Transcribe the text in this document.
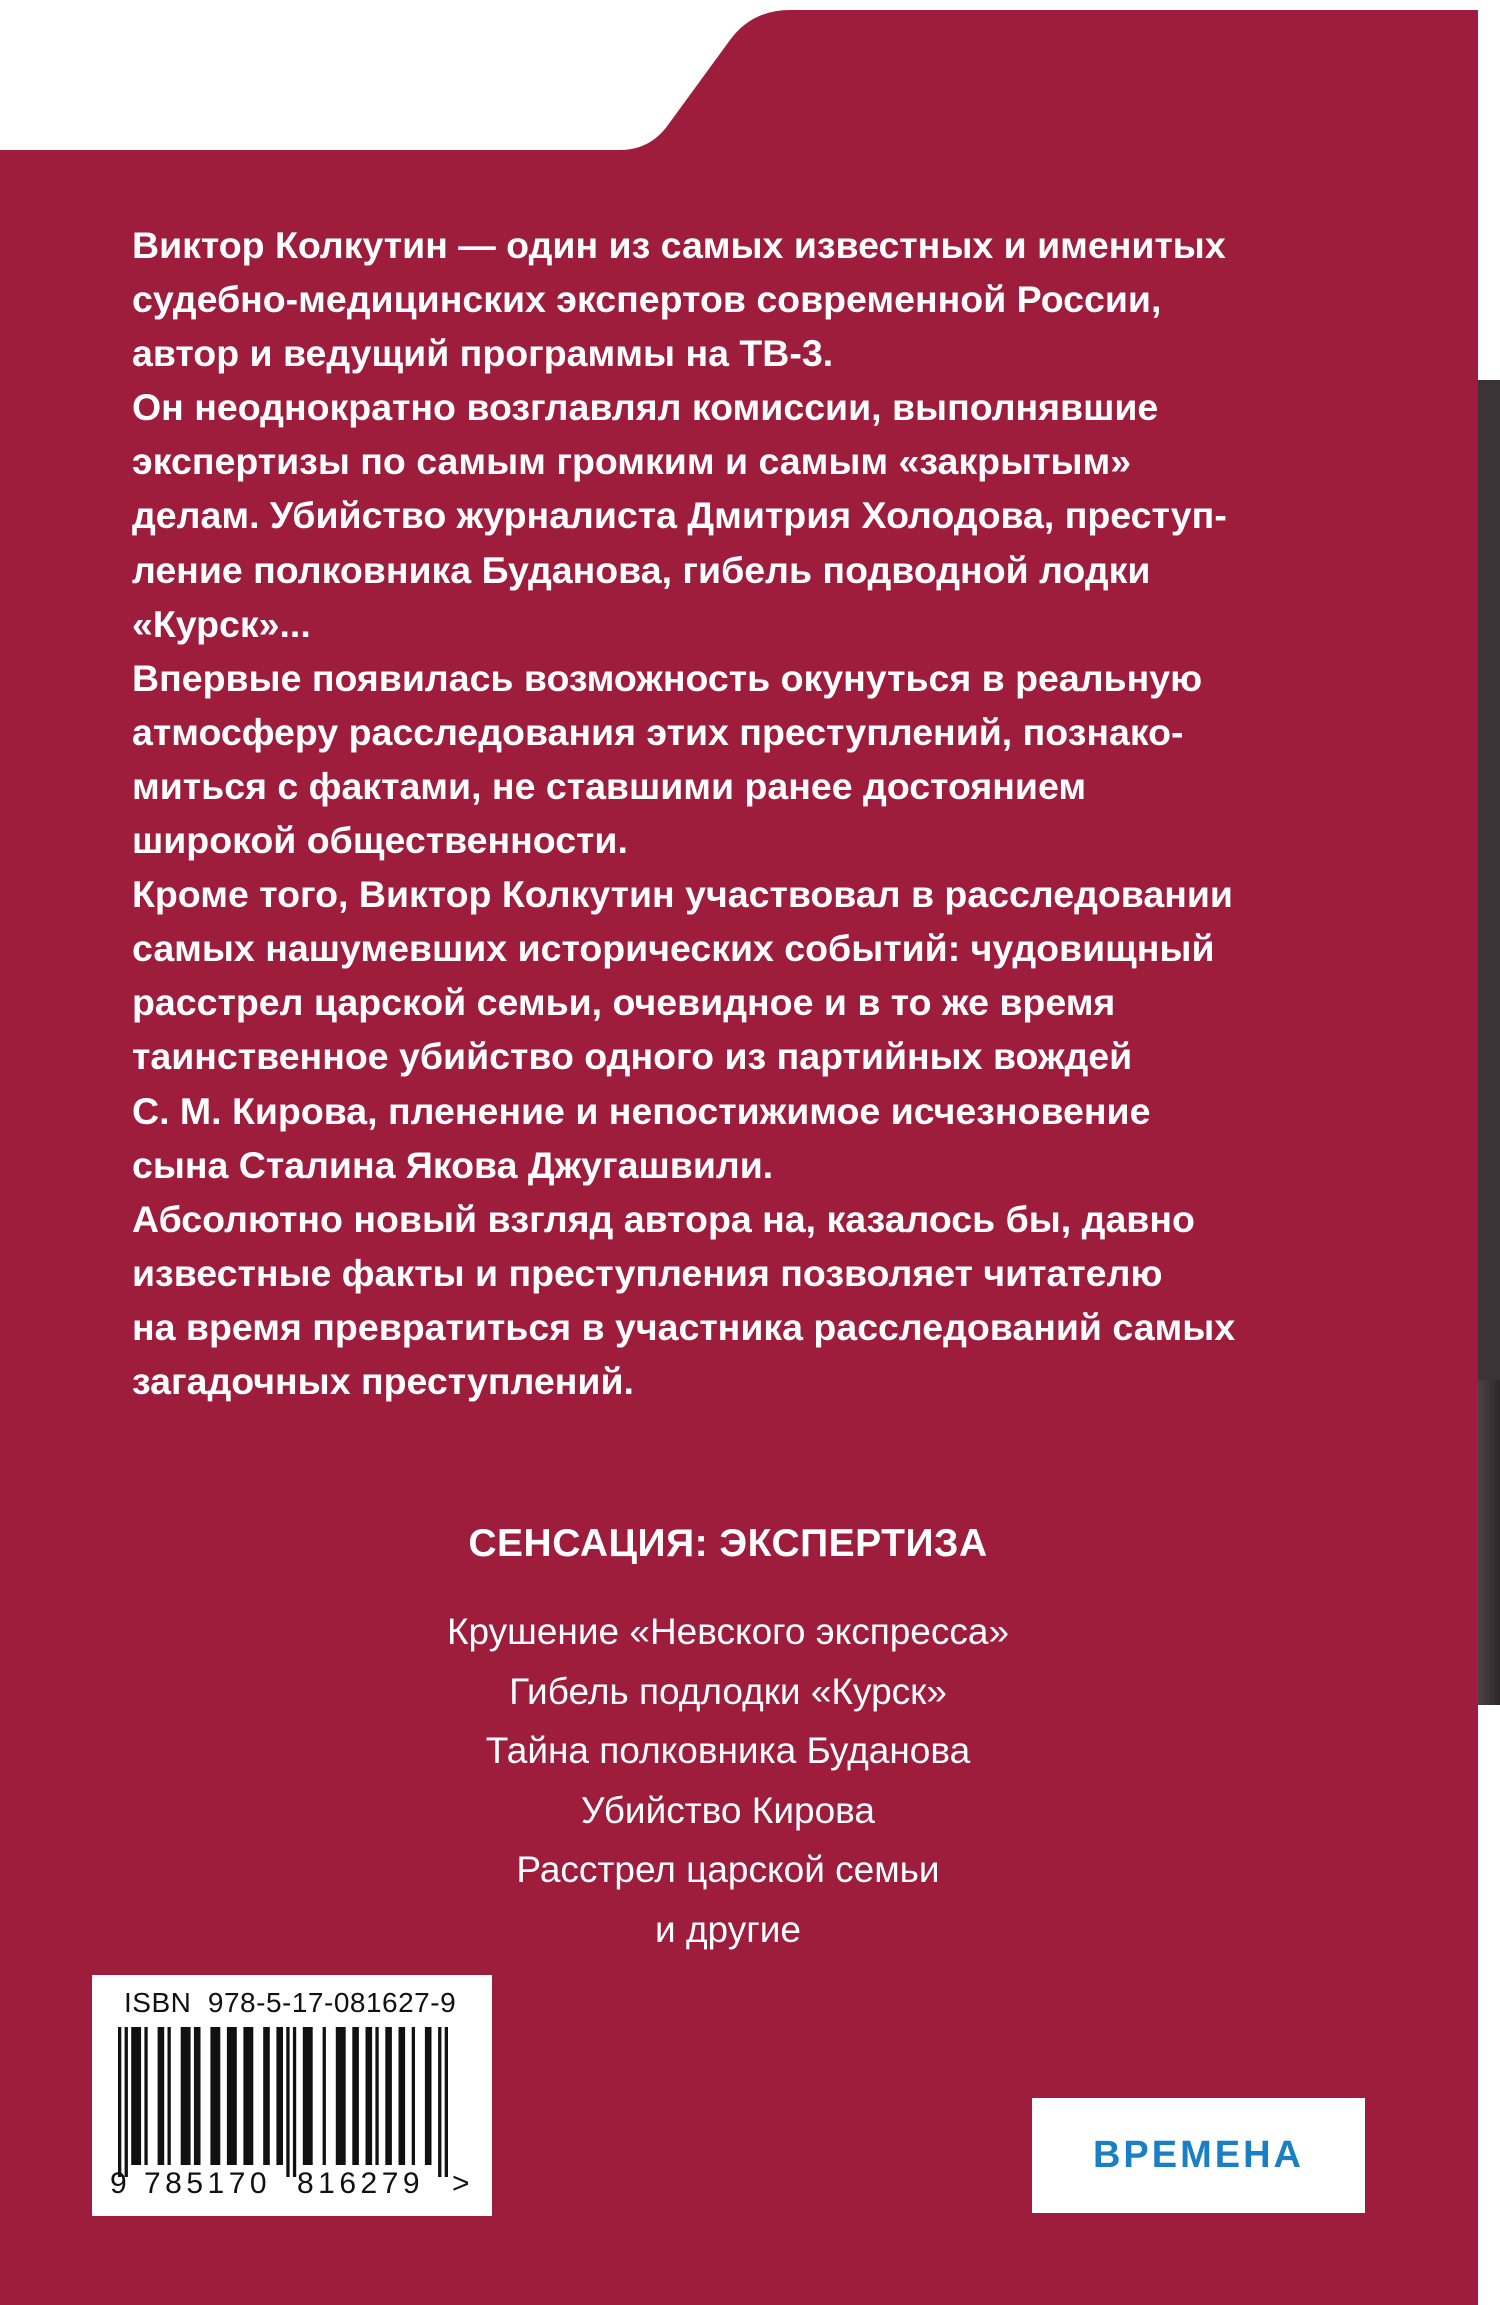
Виктор Колкутин — один из самых известных и именитых
судебно-медицинских экспертов современной России,
автор и ведущий программы на ТВ-3.
Он неоднократно возглавлял комиссии, выполнявшие
экспертизы по самым громким и самым «закрытым»
делам. Убийство журналиста Дмитрия Холодова, преступ-
ление полковника Буданова, гибель подводной лодки
«Курск»...
Впервые появилась возможность окунуться в реальную
атмосферу расследования этих преступлений, познако-
миться с фактами, не ставшими ранее достоянием
широкой общественности.
Кроме того, Виктор Колкутин участвовал в расследовании
самых нашумевших исторических событий: чудовищный
расстрел царской семьи, очевидное и в то же время
таинственное убийство одного из партийных вождей
С. М. Кирова, пленение и непостижимое исчезновение
сына Сталина Якова Джугашвили.
Абсолютно новый взгляд автора на, казалось бы, давно
известные факты и преступления позволяет читателю
на время превратиться в участника расследований самых
загадочных преступлений.
СЕНСАЦИЯ: ЭКСПЕРТИЗА
Крушение «Невского экспресса»
Гибель подлодки «Курск»
Тайна полковника Буданова
Убийство Кирова
Расстрел царской семьи
и другие
ISBN  978-5-17-081627-9
9 785170 816279 >
ВРЕМЕНА
